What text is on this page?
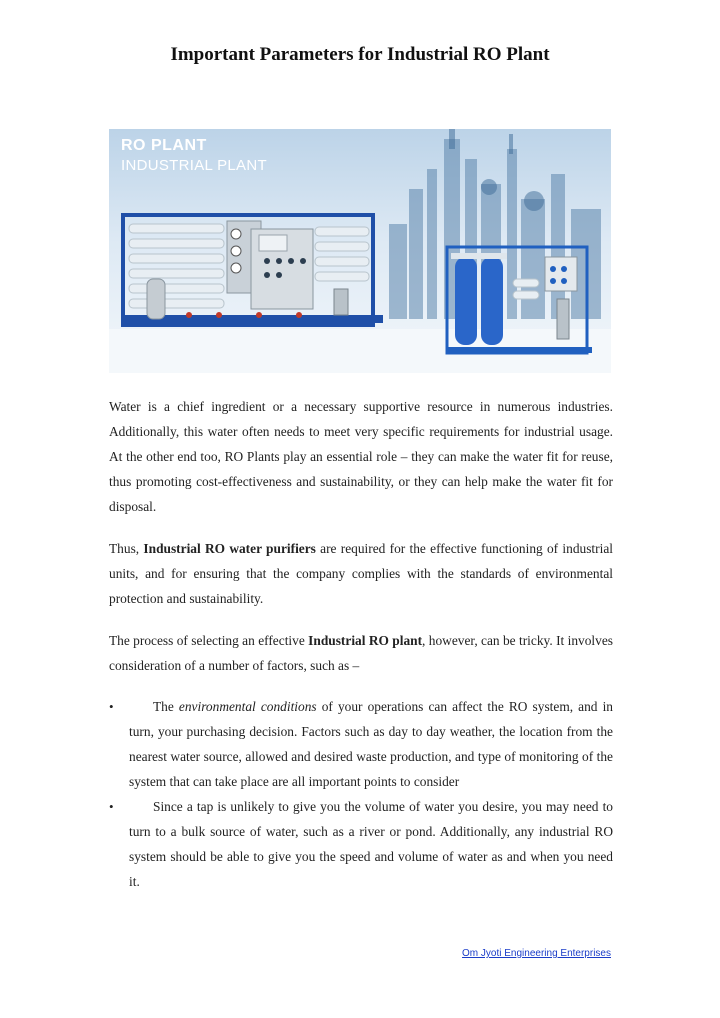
Important Parameters for Industrial RO Plant
RO PLANT
INDUSTRIAL PLANT

Water is a chief ingredient or a necessary supportive resource in numerous industries. Additionally, this water often needs to meet very specific requirements for industrial usage. At the other end too, RO Plants play an essential role – they can make the water fit for reuse, thus promoting cost-effectiveness and sustainability, or they can help make the water fit for disposal.

Thus, Industrial RO water purifiers are required for the effective functioning of industrial units, and for ensuring that the company complies with the standards of environmental protection and sustainability.

The process of selecting an effective Industrial RO plant, however, can be tricky. It involves consideration of a number of factors, such as –

•	The environmental conditions of your operations can affect the RO system, and in turn, your purchasing decision. Factors such as day to day weather, the location from the nearest water source, allowed and desired waste production, and type of monitoring of the system that can take place are all important points to consider
•	Since a tap is unlikely to give you the volume of water you desire, you may need to turn to a bulk source of water, such as a river or pond. Additionally, any industrial RO system should be able to give you the speed and volume of water as and when you need it.
Om Jyoti Engineering Enterprises
